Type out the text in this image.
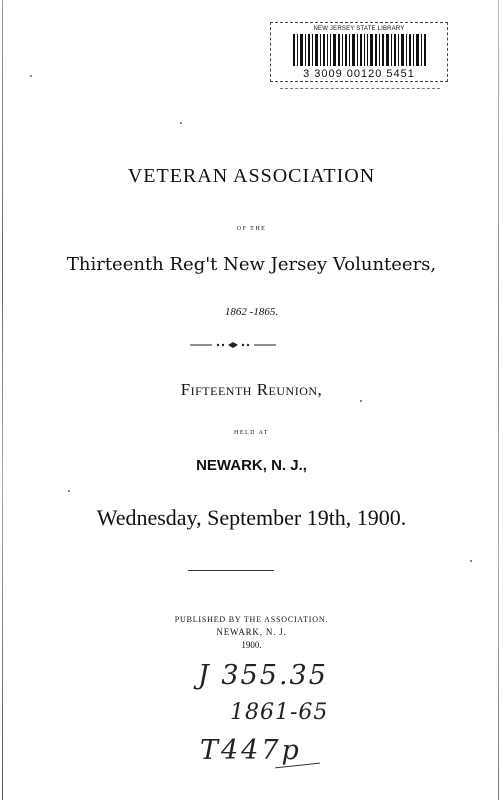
NEW JERSEY STATE LIBRARY
3 3009 00120 5451
VETERAN ASSOCIATION
OF THE
Thirteenth Reg't New Jersey Volunteers,
1862 -1865.
Fifteenth Reunion,
HELD AT
NEWARK, N. J.,
Wednesday, September 19th, 1900.
PUBLISHED BY THE ASSOCIATION.
NEWARK, N. J.
1900.
J 355.35
1861-65
T447p
